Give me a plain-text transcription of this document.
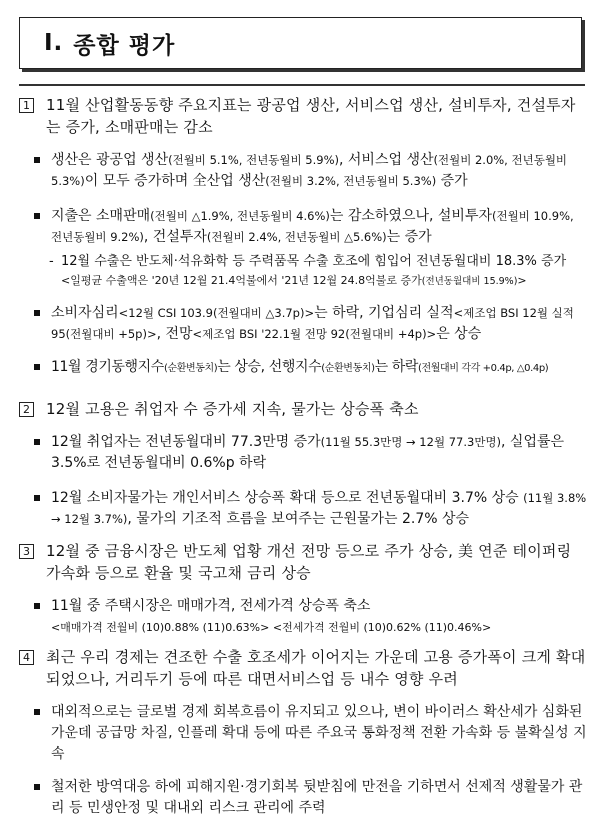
Ⅰ. 종합 평가
1 11월 산업활동동향 주요지표는 광공업 생산, 서비스업 생산, 설비투자, 건설투자는 증가, 소매판매는 감소
생산은 광공업 생산(전월비 5.1%, 전년동월비 5.9%), 서비스업 생산(전월비 2.0%, 전년동월비 5.3%)이 모두 증가하며 全산업 생산(전월비 3.2%, 전년동월비 5.3%) 증가
지출은 소매판매(전월비 △1.9%, 전년동월비 4.6%)는 감소하였으나, 설비투자(전월비 10.9%, 전년동월비 9.2%), 건설투자(전월비 2.4%, 전년동월비 △5.6%)는 증가
- 12월 수출은 반도체·석유화학 등 주력품목 수출 호조에 힘입어 전년동월대비 18.3% 증가
<일평균 수출액은 '20년 12월 21.4억불에서 '21년 12월 24.8억불로 증가(전년동월대비 15.9%)>
소비자심리<12월 CSI 103.9(전월대비 △3.7p)>는 하락, 기업심리 실적<제조업 BSI 12월 실적 95(전월대비 +5p)>, 전망<제조업 BSI '22.1월 전망 92(전월대비 +4p)>은 상승
11월 경기동행지수(순환변동치)는 상승, 선행지수(순환변동치)는 하락(전월대비 각각 +0.4p, △0.4p)
2 12월 고용은 취업자 수 증가세 지속, 물가는 상승폭 축소
12월 취업자는 전년동월대비 77.3만명 증가(11월 55.3만명 → 12월 77.3만명), 실업률은 3.5%로 전년동월대비 0.6%p 하락
12월 소비자물가는 개인서비스 상승폭 확대 등으로 전년동월대비 3.7% 상승 (11월 3.8% → 12월 3.7%), 물가의 기조적 흐름을 보여주는 근원물가는 2.7% 상승
3 12월 중 금융시장은 반도체 업황 개선 전망 등으로 주가 상승, 美 연준 테이퍼링 가속화 등으로 환율 및 국고채 금리 상승
11월 중 주택시장은 매매가격, 전세가격 상승폭 축소
<매매가격 전월비 (10)0.88% (11)0.63%> <전세가격 전월비 (10)0.62% (11)0.46%>
4 최근 우리 경제는 견조한 수출 호조세가 이어지는 가운데 고용 증가폭이 크게 확대되었으나, 거리두기 등에 따른 대면서비스업 등 내수 영향 우려
대외적으로는 글로벌 경제 회복흐름이 유지되고 있으나, 변이 바이러스 확산세가 심화된 가운데 공급망 차질, 인플레 확대 등에 따른 주요국 통화정책 전환 가속화 등 불확실성 지속
철저한 방역대응 하에 피해지원·경기회복 뒷받침에 만전을 기하면서 선제적 생활물가 관리 등 민생안정 및 대내외 리스크 관리에 주력
